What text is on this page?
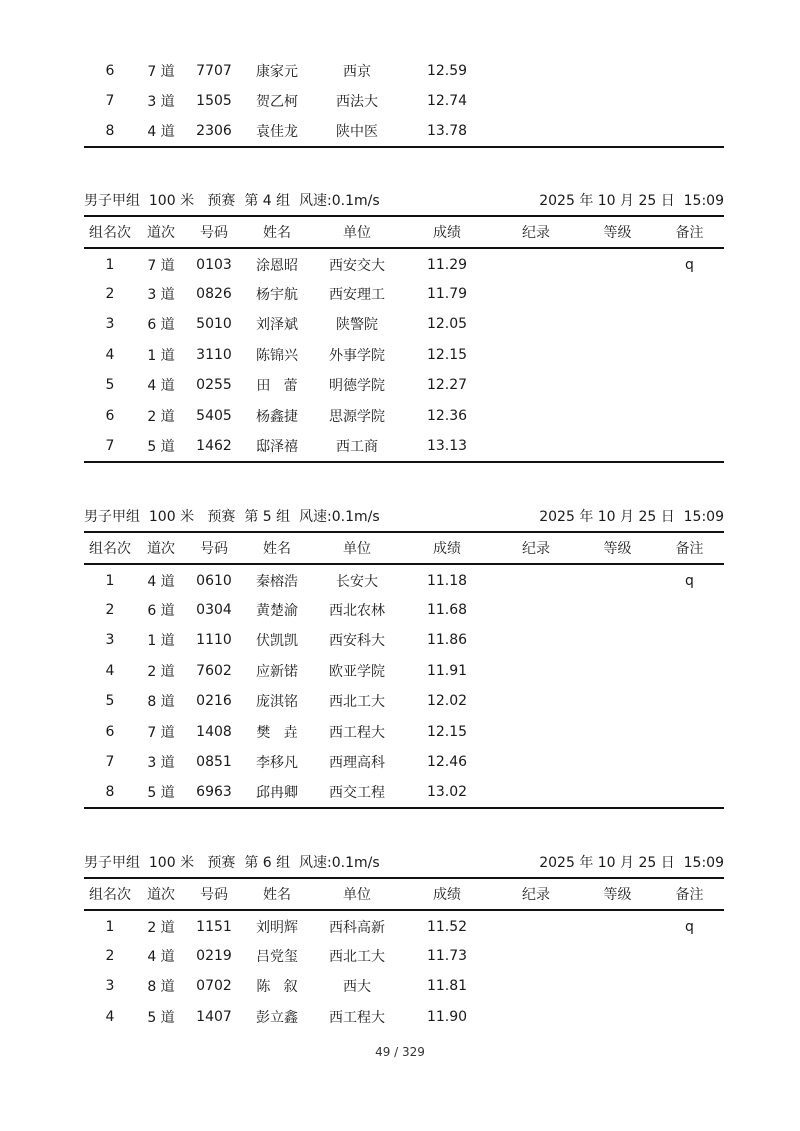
6	7 道	7707	康家元	西京	12.59			
7	3 道	1505	贺乙柯	西法大	12.74			
8	4 道	2306	袁佳龙	陕中医	13.78			
男子甲组  100 米   预赛  第 4 组  风速:0.1m/s	2025 年 10 月 25 日  15:09
组名次	道次	号码	姓名	单位	成绩	纪录	等级	备注
1	7 道	0103	涂恩昭	西安交大	11.29			q
2	3 道	0826	杨宇航	西安理工	11.79			
3	6 道	5010	刘泽斌	陕警院	12.05			
4	1 道	3110	陈锦兴	外事学院	12.15			
5	4 道	0255	田   蕾	明德学院	12.27			
6	2 道	5405	杨鑫捷	思源学院	12.36			
7	5 道	1462	邸泽禧	西工商	13.13			
男子甲组  100 米   预赛  第 5 组  风速:0.1m/s	2025 年 10 月 25 日  15:09
组名次	道次	号码	姓名	单位	成绩	纪录	等级	备注
1	4 道	0610	秦榕浩	长安大	11.18			q
2	6 道	0304	黄楚渝	西北农林	11.68			
3	1 道	1110	伏凯凯	西安科大	11.86			
4	2 道	7602	应新锘	欧亚学院	11.91			
5	8 道	0216	庞淇铭	西北工大	12.02			
6	7 道	1408	樊   垚	西工程大	12.15			
7	3 道	0851	李移凡	西理高科	12.46			
8	5 道	6963	邱冉卿	西交工程	13.02			
男子甲组  100 米   预赛  第 6 组  风速:0.1m/s	2025 年 10 月 25 日  15:09
组名次	道次	号码	姓名	单位	成绩	纪录	等级	备注
1	2 道	1151	刘明辉	西科高新	11.52			q
2	4 道	0219	吕党玺	西北工大	11.73			
3	8 道	0702	陈   叙	西大	11.81			
4	5 道	1407	彭立鑫	西工程大	11.90			
49 / 329
